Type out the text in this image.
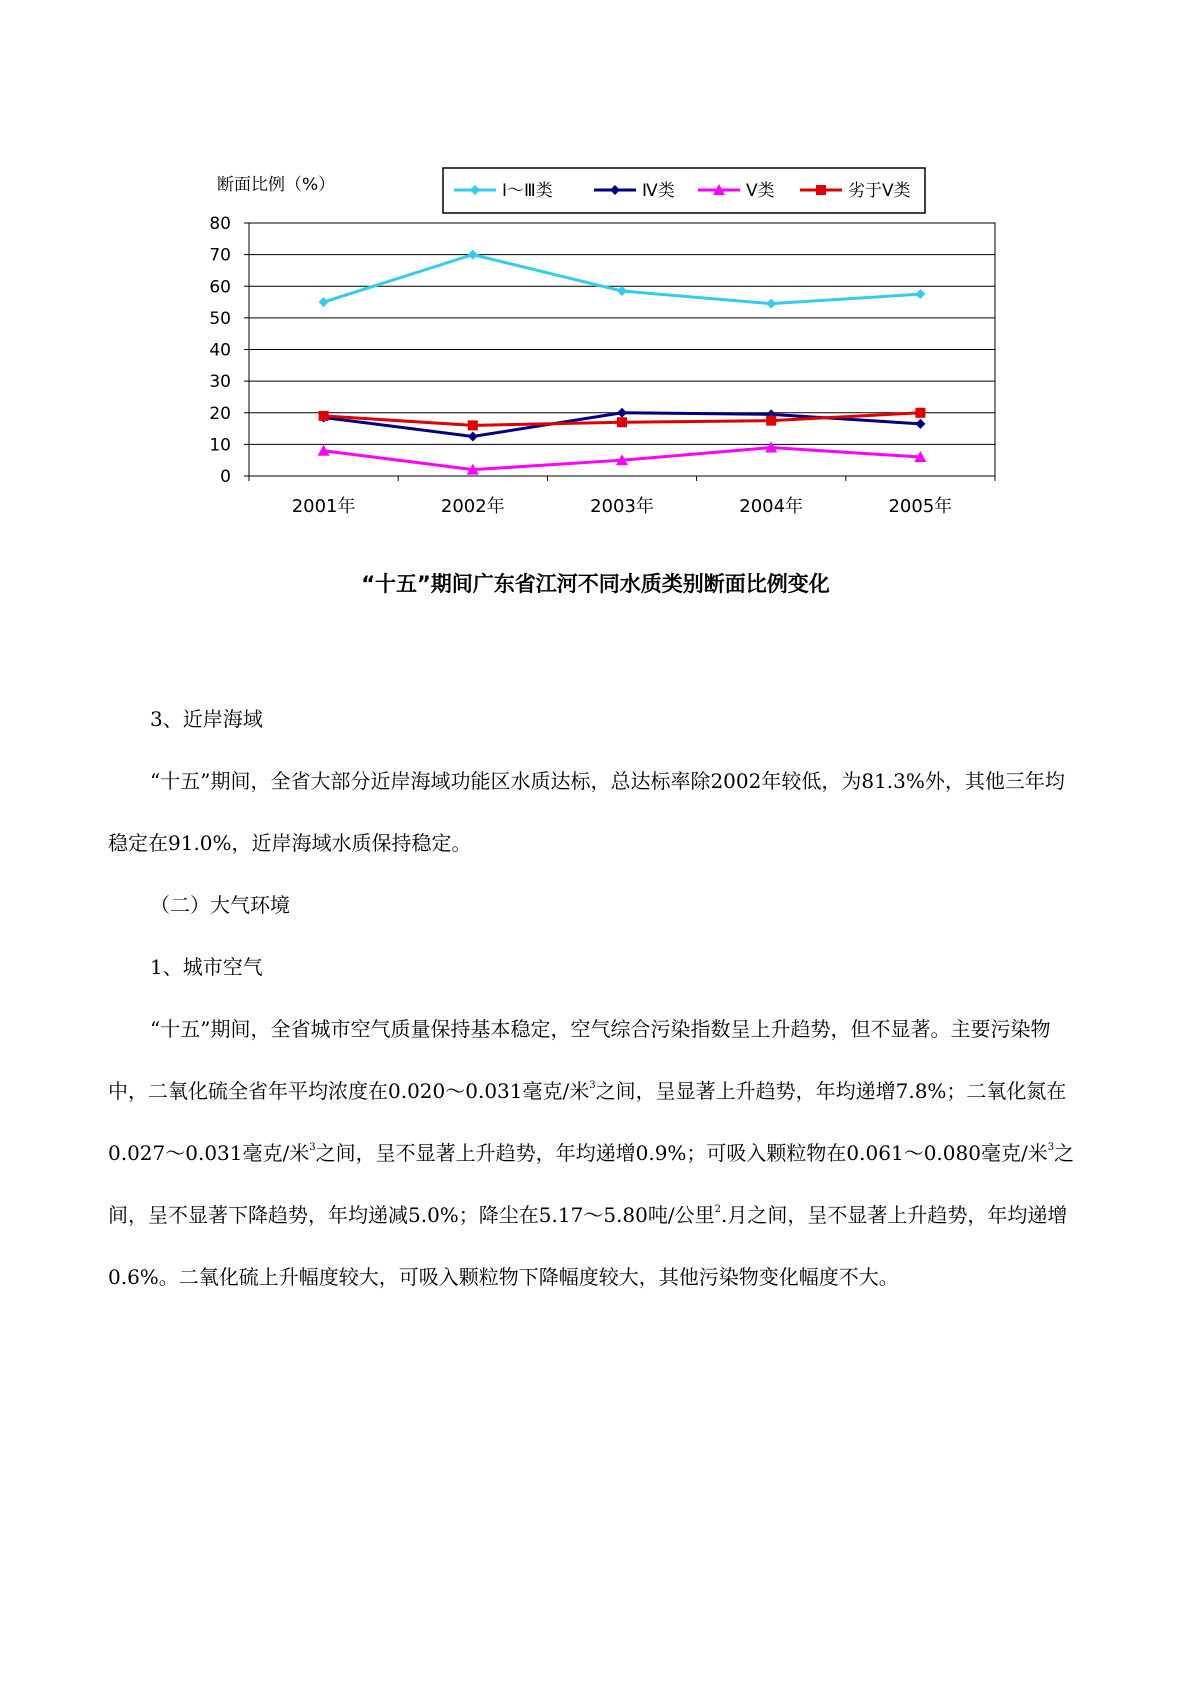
0
10
20
30
40
50
60
70
80
2001年	2002年	2003年	2004年	2005年
Ⅰ～Ⅲ类	Ⅳ类	Ⅴ类	劣于Ⅴ类
断面比例（%）
“十五”期间广东省江河不同水质类别断面比例变化

3、近岸海域

“十五”期间，全省大部分近岸海域功能区水质达标，总达标率除2002年较低，为81.3%外，其他三年均稳定在91.0%，近岸海域水质保持稳定。

（二）大气环境

1、城市空气

“十五”期间，全省城市空气质量保持基本稳定，空气综合污染指数呈上升趋势，但不显著。主要污染物中，二氧化硫全省年平均浓度在0.020～0.031毫克/米$^3$之间，呈显著上升趋势，年均递增7.8%；二氧化氮在0.027～0.031毫克/米$^3$之间，呈不显著上升趋势，年均递增0.9%；可吸入颗粒物在0.061～0.080毫克/米$^3$之间，呈不显著下降趋势，年均递减5.0%；降尘在5.17～5.80吨/公里$^2$.月之间，呈不显著上升趋势，年均递增0.6%。二氧化硫上升幅度较大，可吸入颗粒物下降幅度较大，其他污染物变化幅度不大。
